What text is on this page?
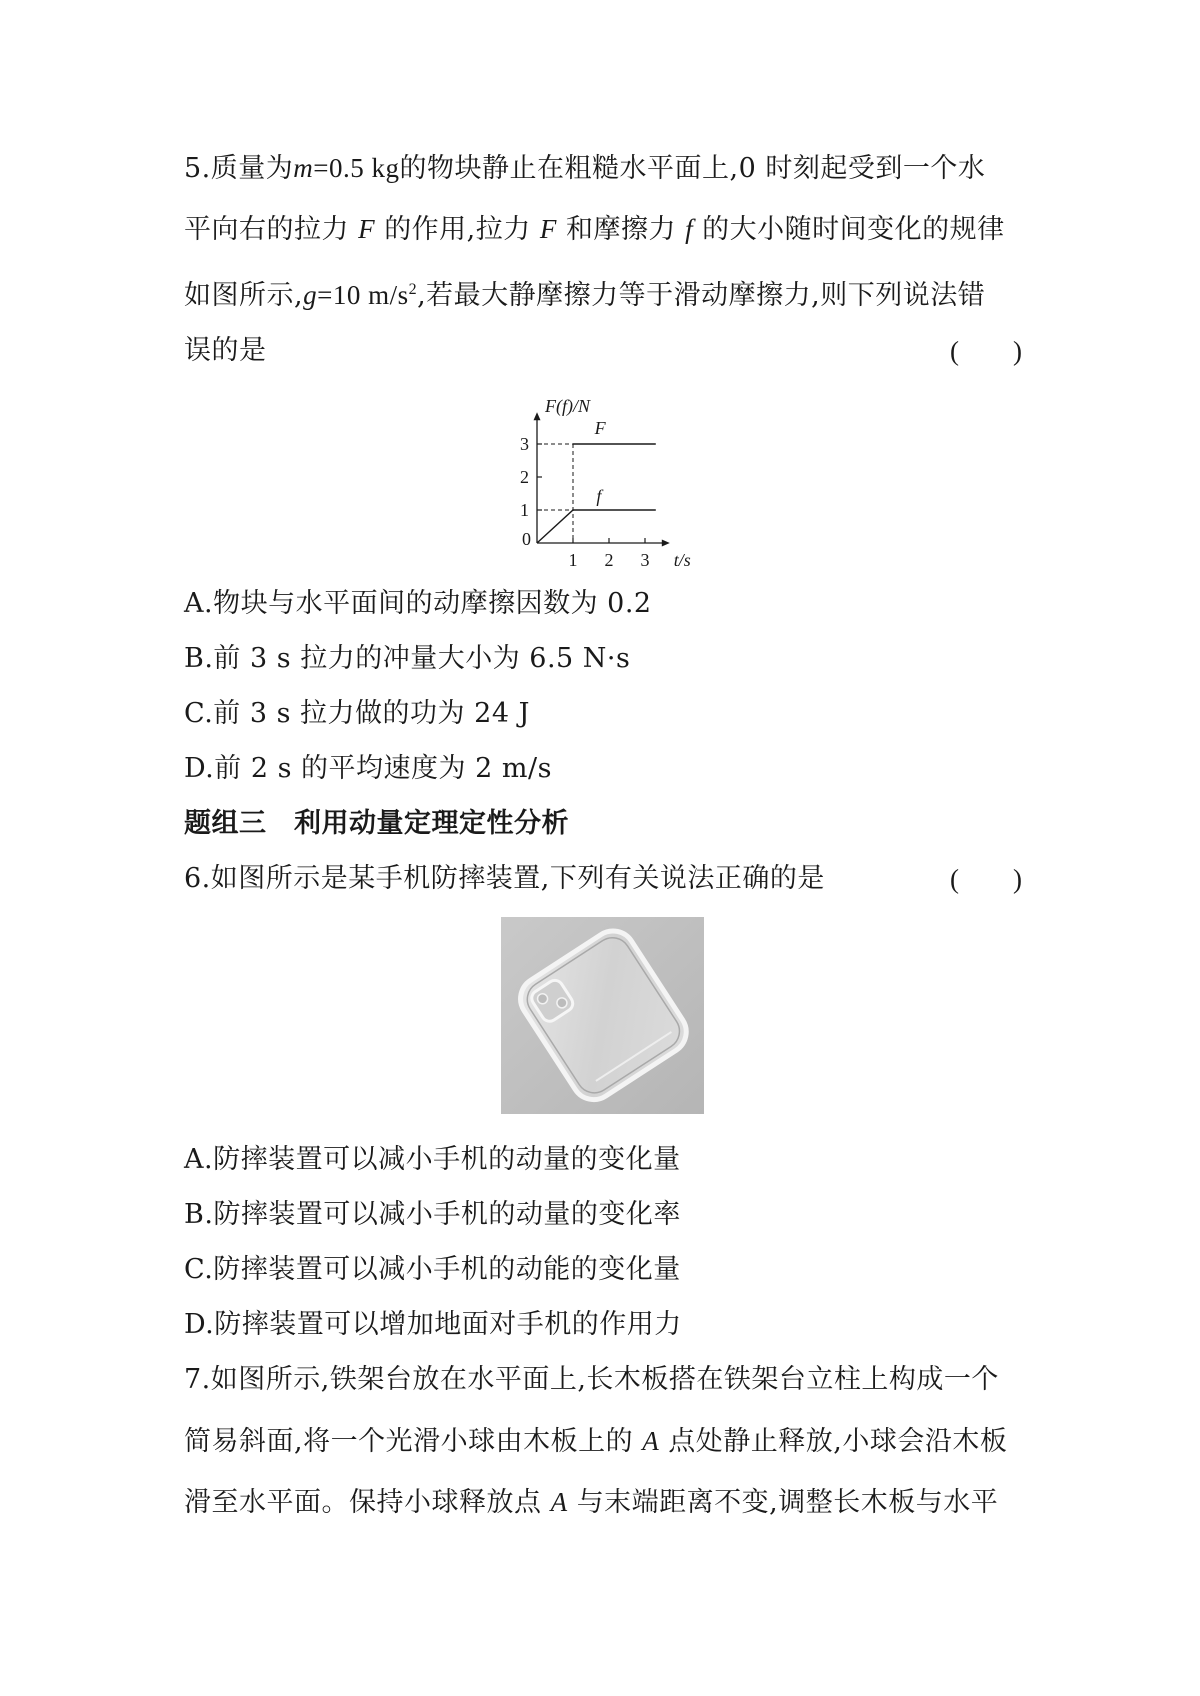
5.质量为m=0.5 kg的物块静止在粗糙水平面上,0 时刻起受到一个水
平向右的拉力 F 的作用,拉力 F 和摩擦力 f 的大小随时间变化的规律
如图所示,g=10 $m/s^2$,若最大静摩擦力等于滑动摩擦力,则下列说法错
误的是	(　　)
1 2 3
0
1
2
3
F
f
F(f)/N
t/s
A.物块与水平面间的动摩擦因数为 0.2
B.前 3 s 拉力的冲量大小为 6.5 N·s
C.前 3 s 拉力做的功为 24 J
D.前 2 s 的平均速度为 2 m/s
题组三　利用动量定理定性分析
6.如图所示是某手机防摔装置,下列有关说法正确的是	(　　)
A.防摔装置可以减小手机的动量的变化量
B.防摔装置可以减小手机的动量的变化率
C.防摔装置可以减小手机的动能的变化量
D.防摔装置可以增加地面对手机的作用力
7.如图所示,铁架台放在水平面上,长木板搭在铁架台立柱上构成一个
简易斜面,将一个光滑小球由木板上的 A 点处静止释放,小球会沿木板
滑至水平面。保持小球释放点 A 与末端距离不变,调整长木板与水平
